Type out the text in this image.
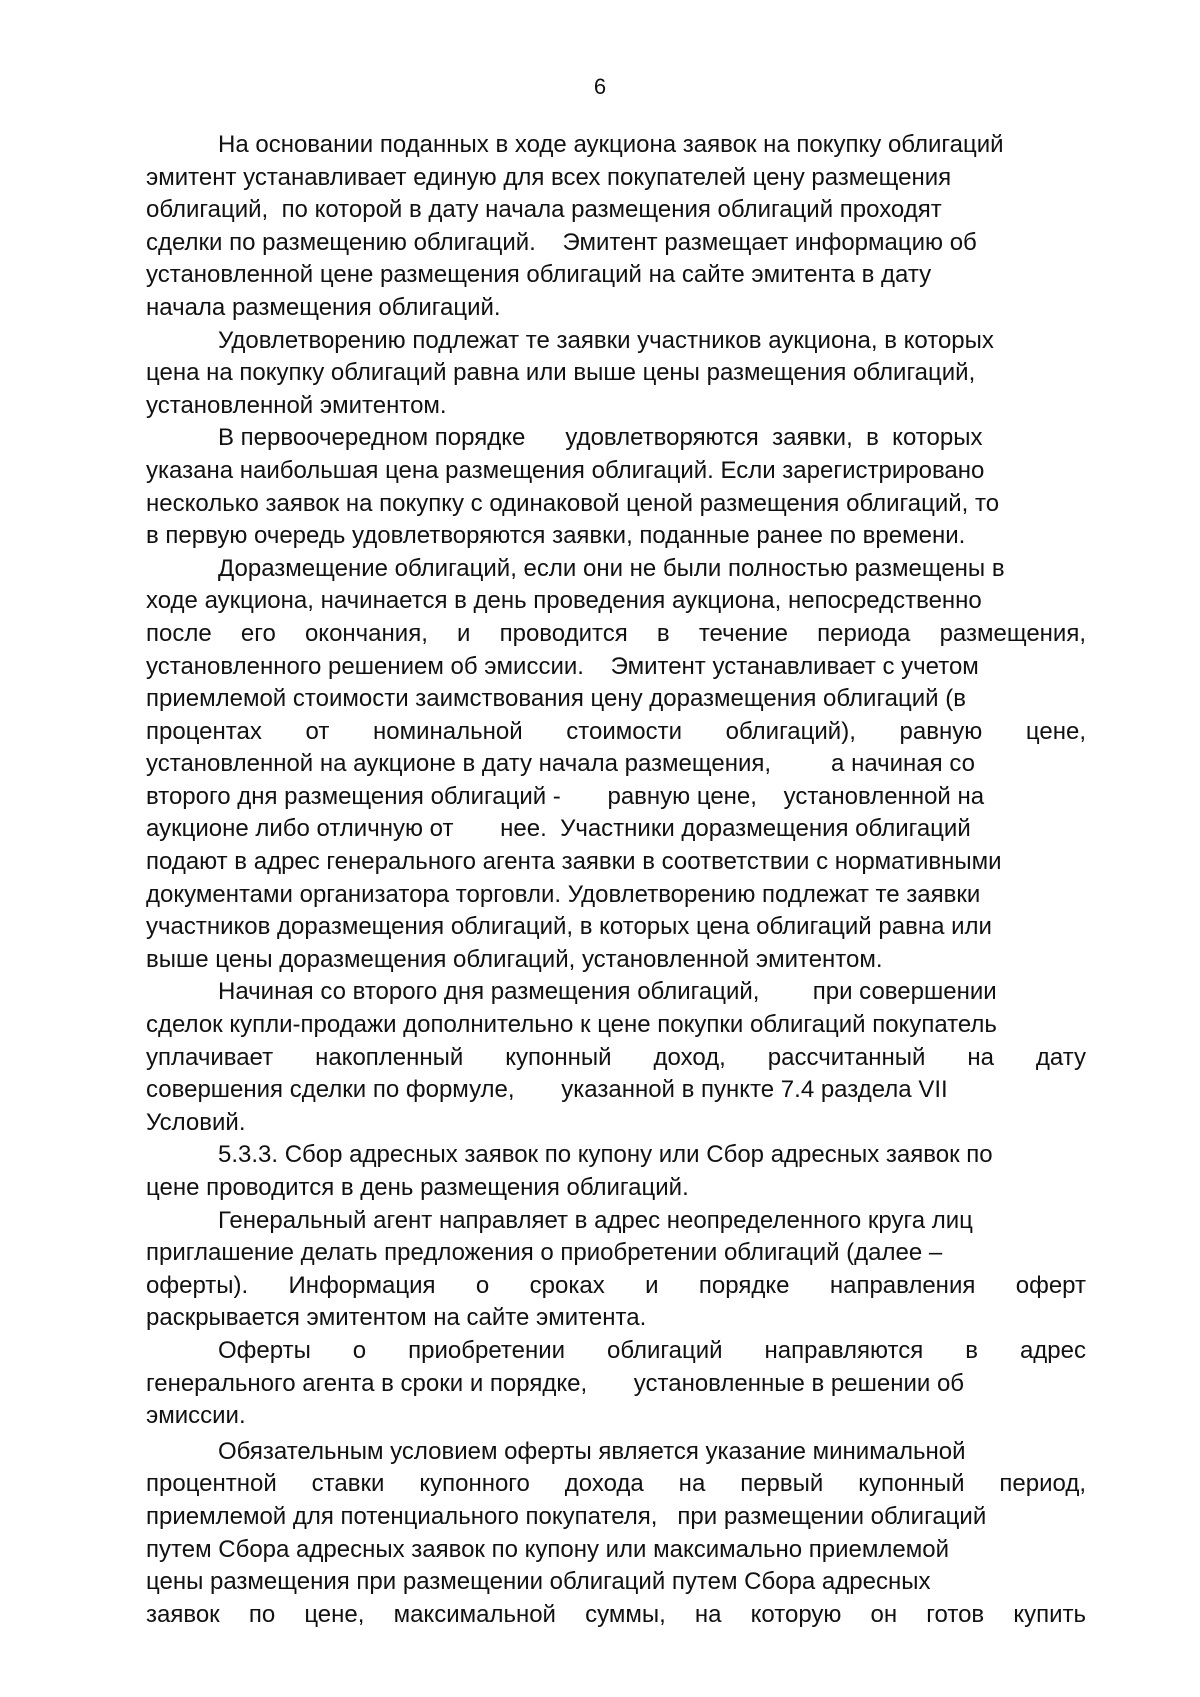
6
На основании поданных в ходе аукциона заявок на покупку облигаций
эмитент устанавливает единую для всех покупателей цену размещения
облигаций,  по которой в дату начала размещения облигаций проходят
сделки по размещению облигаций.    Эмитент размещает информацию об
установленной цене размещения облигаций на сайте эмитента в дату
начала размещения облигаций.
Удовлетворению подлежат те заявки участников аукциона, в которых
цена на покупку облигаций равна или выше цены размещения облигаций,
установленной эмитентом.
В первоочередном порядке      удовлетворяются  заявки,  в  которых
указана наибольшая цена размещения облигаций. Если зарегистрировано
несколько заявок на покупку с одинаковой ценой размещения облигаций, то
в первую очередь удовлетворяются заявки, поданные ранее по времени.
Доразмещение облигаций, если они не были полностью размещены в
ходе аукциона, начинается в день проведения аукциона, непосредственно
после его окончания, и проводится в течение периода размещения,
установленного решением об эмиссии.    Эмитент устанавливает с учетом
приемлемой стоимости заимствования цену доразмещения облигаций (в
процентах от номинальной стоимости облигаций), равную цене,
установленной на аукционе в дату начала размещения,         а начиная со
второго дня размещения облигаций -       равную цене,    установленной на
аукционе либо отличную от       нее.  Участники доразмещения облигаций
подают в адрес генерального агента заявки в соответствии с нормативными
документами организатора торговли. Удовлетворению подлежат те заявки
участников доразмещения облигаций, в которых цена облигаций равна или
выше цены доразмещения облигаций, установленной эмитентом.
Начиная со второго дня размещения облигаций,        при совершении
сделок купли-продажи дополнительно к цене покупки облигаций покупатель
уплачивает накопленный купонный доход, рассчитанный на дату
совершения сделки по формуле,       указанной в пункте 7.4 раздела VII
Условий.
5.3.3. Сбор адресных заявок по купону или Сбор адресных заявок по
цене проводится в день размещения облигаций.
Генеральный агент направляет в адрес неопределенного круга лиц
приглашение делать предложения о приобретении облигаций (далее –
оферты). Информация о сроках и порядке направления оферт
раскрывается эмитентом на сайте эмитента.
Оферты о приобретении облигаций направляются в адрес
генерального агента в сроки и порядке,       установленные в решении об
эмиссии.
Обязательным условием оферты является указание минимальной
процентной ставки купонного дохода на первый купонный период,
приемлемой для потенциального покупателя,   при размещении облигаций
путем Сбора адресных заявок по купону или максимально приемлемой
цены размещения при размещении облигаций путем Сбора адресных
заявок по цене, максимальной суммы, на которую он готов купить
